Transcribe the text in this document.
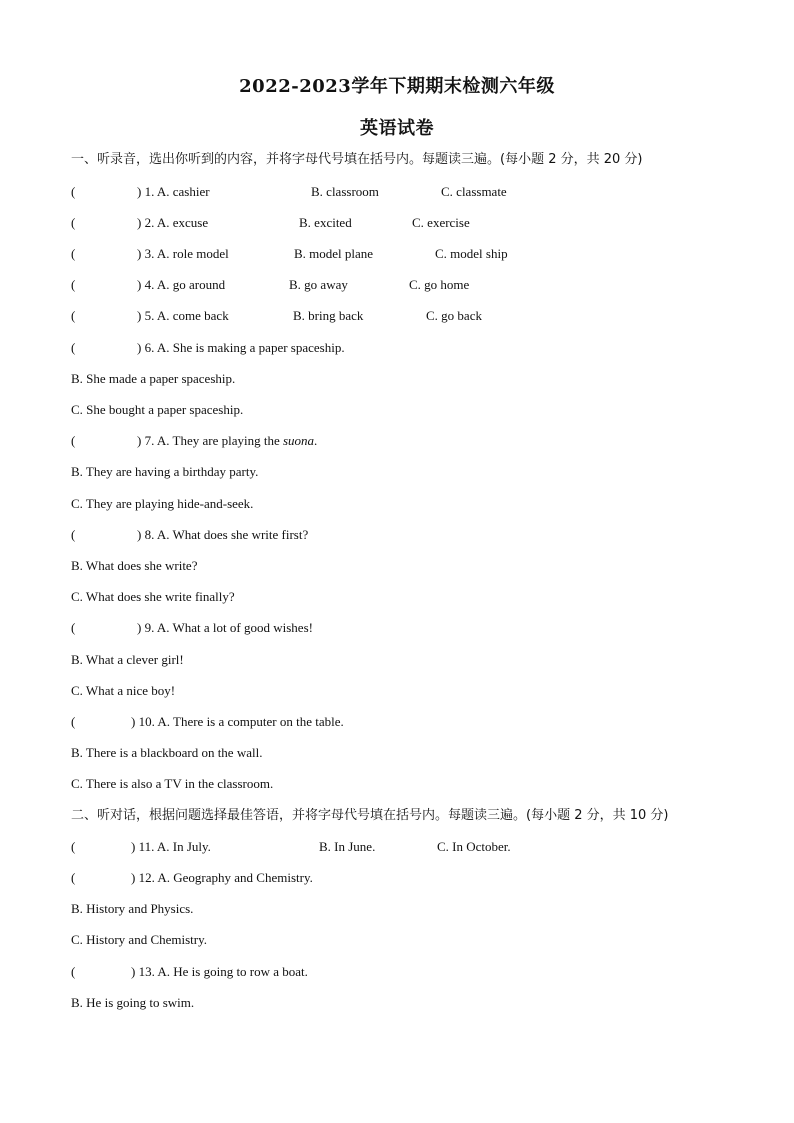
2022-2023学年下期期末检测六年级
英语试卷
一、听录音，选出你听到的内容，并将字母代号填在括号内。每题读三遍。(每小题 2 分，共 20 分)
(	) 1. A. cashier	B. classroom	C. classmate
(	) 2. A. excuse	B. excited	C. exercise
(	) 3. A. role model	B. model plane	C. model ship
(	) 4. A. go around	B. go away	C. go home
(	) 5. A. come back	B. bring back	C. go back
(	) 6. A. She is making a paper spaceship.
B. She made a paper spaceship.
C. She bought a paper spaceship.
(	) 7. A. They are playing the suona.
B. They are having a birthday party.
C. They are playing hide-and-seek.
(	) 8. A. What does she write first?
B. What does she write?
C. What does she write finally?
(	) 9. A. What a lot of good wishes!
B. What a clever girl!
C. What a nice boy!
(	) 10. A. There is a computer on the table.
B. There is a blackboard on the wall.
C. There is also a TV in the classroom.
二、听对话，根据问题选择最佳答语，并将字母代号填在括号内。每题读三遍。(每小题 2 分，共 10 分)
(	) 11. A. In July.	B. In June.	C. In October.
(	) 12. A. Geography and Chemistry.
B. History and Physics.
C. History and Chemistry.
(	) 13. A. He is going to row a boat.
B. He is going to swim.
